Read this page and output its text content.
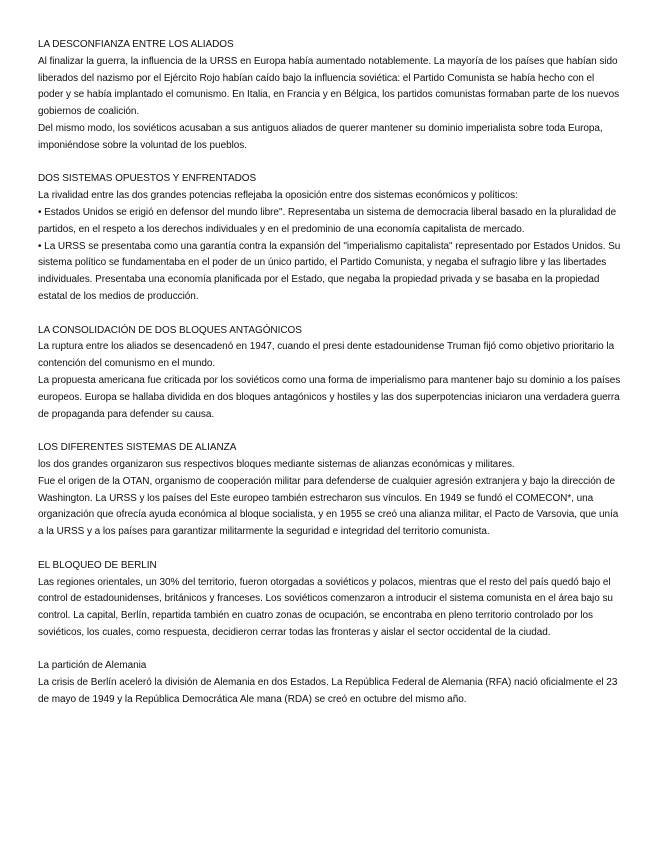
LA DESCONFIANZA ENTRE LOS ALIADOS

Al finalizar la guerra, la influencia de la URSS en Europa había aumentado notablemente. La mayoría de los países que habían sido liberados del nazismo por el Ejército Rojo habían caído bajo la influencia soviética: el Partido Comunista se había hecho con el poder y se había implantado el comunismo. En Italia, en Francia y en Bélgica, los partidos comunistas formaban parte de los nuevos gobiernos de coalición.

Del mismo modo, los soviéticos acusaban a sus antiguos aliados de querer mantener su dominio imperialista sobre toda Europa, imponiéndose sobre la voluntad de los pueblos.

DOS SISTEMAS OPUESTOS Y ENFRENTADOS

La rivalidad entre las dos grandes potencias reflejaba la oposición entre dos sistemas económicos y políticos:

• Estados Unidos se erigió en defensor del mundo libre". Representaba un sistema de democracia liberal basado en la pluralidad de partidos, en el respeto a los derechos individuales y en el predominio de una economía capitalista de mercado.

• La URSS se presentaba como una garantía contra la expansión del "imperialismo capitalista" representado por Estados Unidos. Su sistema político se fundamentaba en el poder de un único partido, el Partido Comunista, y negaba el sufragio libre y las libertades individuales. Presentaba una economía planificada por el Estado, que negaba la propiedad privada y se basaba en la propiedad estatal de los medios de producción.

LA CONSOLIDACIÓN DE DOS BLOQUES ANTAGÓNICOS

La ruptura entre los aliados se desencadenó en 1947, cuando el presi dente estadounidense Truman fijó como objetivo prioritario la contención del comunismo en el mundo.

La propuesta americana fue criticada por los soviéticos como una forma de imperialismo para mantener bajo su dominio a los países europeos. Europa se hallaba dividida en dos bloques antagónicos y hostiles y las dos superpotencias iniciaron una verdadera guerra de propaganda para defender su causa.

LOS DIFERENTES SISTEMAS DE ALIANZA

los dos grandes organizaron sus respectivos bloques mediante sistemas de alianzas económicas y militares.

Fue el origen de la OTAN, organismo de cooperación militar para defenderse de cualquier agresión extranjera y bajo la dirección de Washington. La URSS y los países del Este europeo también estrecharon sus vínculos. En 1949 se fundó el COMECON*, una organización que ofrecía ayuda económica al bloque socialista, y en 1955 se creó una alianza militar, el Pacto de Varsovia, que unía a la URSS y a los países para garantizar militarmente la seguridad e integridad del territorio comunista.

EL BLOQUEO DE BERLIN

Las regiones orientales, un 30% del territorio, fueron otorgadas a soviéticos y polacos, mientras que el resto del país quedó bajo el control de estadounidenses, británicos y franceses. Los soviéticos comenzaron a introducir el sistema comunista en el área bajo su control. La capital, Berlín, repartida también en cuatro zonas de ocupación, se encontraba en pleno territorio controlado por los soviéticos, los cuales, como respuesta, decidieron cerrar todas las fronteras y aislar el sector occidental de la ciudad.

La partición de Alemania

La crisis de Berlín aceleró la división de Alemania en dos Estados. La República Federal de Alemania (RFA) nació oficialmente el 23 de mayo de 1949 y la República Democrática Ale mana (RDA) se creó en octubre del mismo año.
